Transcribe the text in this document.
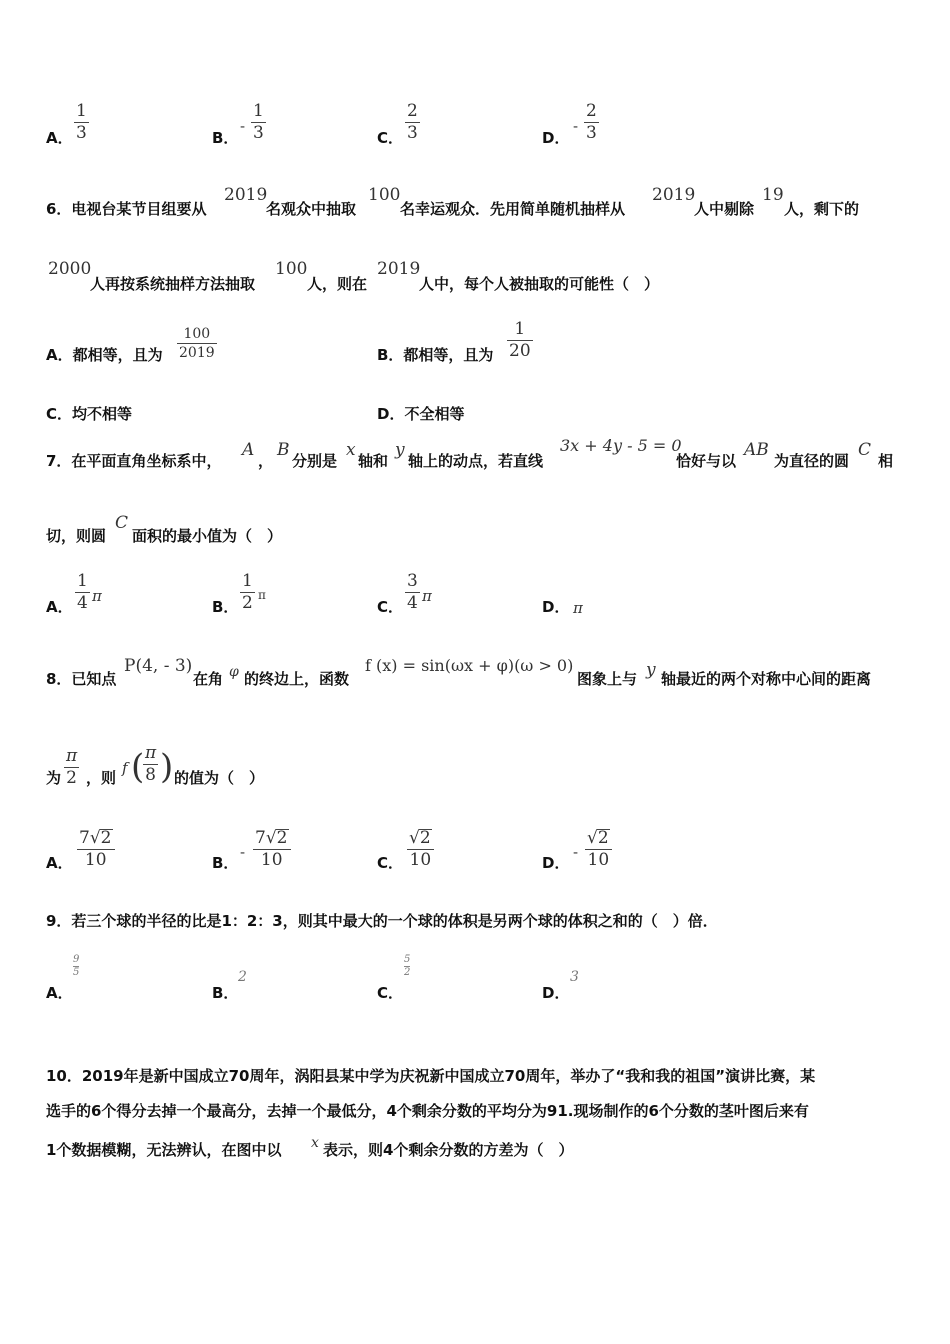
A．
1
3	B．
-
1
3	C．
2
3	D．
-
2
3
6．电视台某节目组要从
2019
名观众中抽取
100
名幸运观众．先用简单随机抽样从
2019
人中剔除
19
人，剩下的
2000
人再按系统抽样方法抽取
100
人，则在
2019
人中，每个人被抽取的可能性（　）
A．都相等，且为
100
2019	B．都相等，且为
1
20
C．均不相等	D．不全相等
7．在平面直角坐标系中，
A
，
B
分别是
x
轴和
y
轴上的动点，若直线
3x + 4y - 5 = 0
恰好与以
AB
为直径的圆
C
相
切，则圆
C
面积的最小值为（　）
A．
1
4 π
B．
1
2 π
C．
3
4 π
D． π
8．已知点
P(4, - 3)
在角 φ 的终边上，函数
f (x) = sin(ωx + φ)(ω > 0)
图象上与 y 轴最近的两个对称中心间的距离
为
π
2 ，则
f ( π
8 ) 的值为（　）
A．
7√2
10	B．
-
7√2
10	C．
√2
10	D．
-
√2
10
9．若三个球的半径的比是1：2：3，则其中最大的一个球的体积是另两个球的体积之和的（　）倍．
A．
9
5
B．
2
C．
5
2
D．
3
10．2019年是新中国成立70周年，涡阳县某中学为庆祝新中国成立70周年，举办了“我和我的祖国”演讲比赛，某
选手的6个得分去掉一个最高分，去掉一个最低分，4个剩余分数的平均分为91.现场制作的6个分数的茎叶图后来有
1个数据模糊，无法辨认，在图中以 x 表示，则4个剩余分数的方差为（　）
